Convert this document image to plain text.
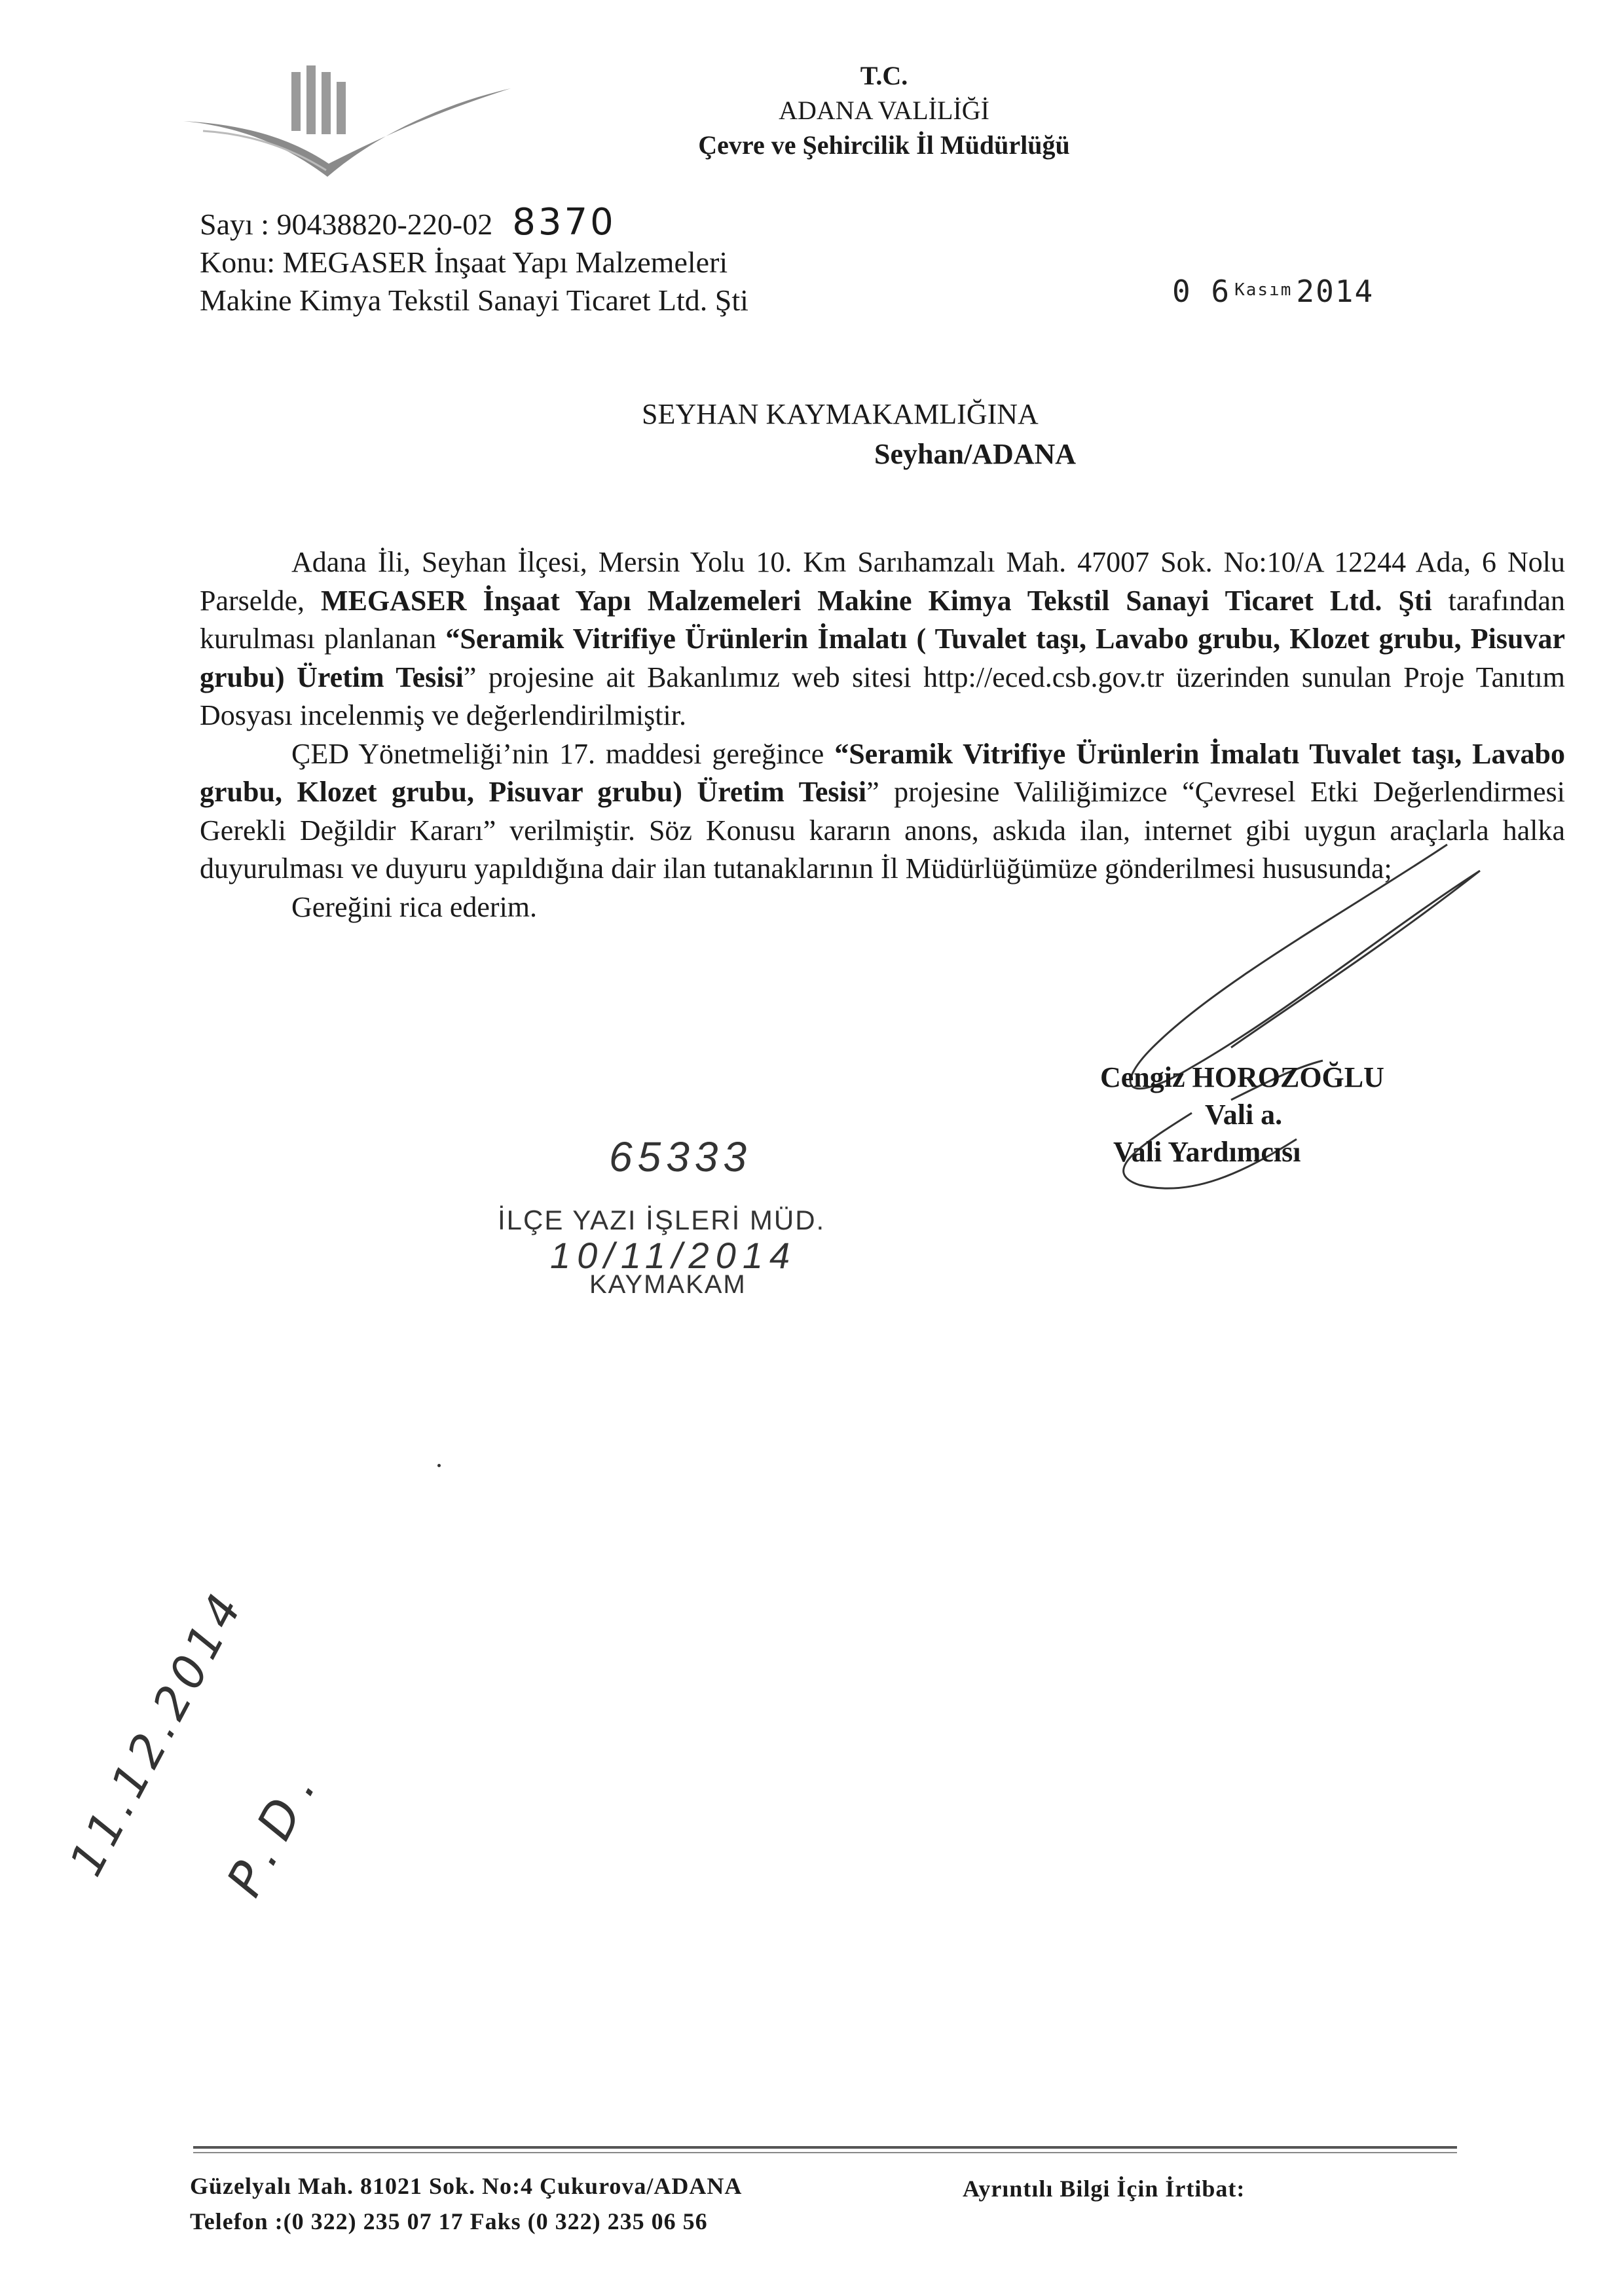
T.C.
ADANA VALİLİĞİ
Çevre ve Şehircilik İl Müdürlüğü
Sayı : 90438820-220-02 8370
Konu: MEGASER İnşaat Yapı Malzemeleri
Makine Kimya Tekstil Sanayi Ticaret Ltd. Şti	0 6 $^{Kasım}$ 2014
SEYHAN KAYMAKAMLIĞINA
Seyhan/ADANA

Adana İli, Seyhan İlçesi, Mersin Yolu 10. Km Sarıhamzalı Mah. 47007 Sok. No:10/A 12244 Ada, 6 Nolu Parselde, MEGASER İnşaat Yapı Malzemeleri Makine Kimya Tekstil Sanayi Ticaret Ltd. Şti tarafından kurulması planlanan “Seramik Vitrifiye Ürünlerin İmalatı ( Tuvalet taşı, Lavabo grubu, Klozet grubu, Pisuvar grubu) Üretim Tesisi” projesine ait Bakanlımız web sitesi http://eced.csb.gov.tr üzerinden sunulan Proje Tanıtım Dosyası incelenmiş ve değerlendirilmiştir.

ÇED Yönetmeliği’nin 17. maddesi gereğince “Seramik Vitrifiye Ürünlerin İmalatı Tuvalet taşı, Lavabo grubu, Klozet grubu, Pisuvar grubu) Üretim Tesisi” projesine Valiliğimizce “Çevresel Etki Değerlendirmesi Gerekli Değildir Kararı” verilmiştir. Söz Konusu kararın anons, askıda ilan, internet gibi uygun araçlarla halka duyurulması ve duyuru yapıldığına dair ilan tutanaklarının İl Müdürlüğümüze gönderilmesi hususunda;

Gereğini rica ederim.

Cengiz HOROZOĞLU
Vali a.
Vali Yardımcısı
65333
İLÇE YAZI İŞLERİ MÜD.
10/11/2014
KAYMAKAM
11.12.2014
P.D.
Güzelyalı Mah. 81021 Sok. No:4 Çukurova/ADANA
Telefon :(0 322) 235 07 17 Faks (0 322) 235 06 56
Ayrıntılı Bilgi İçin İrtibat:
